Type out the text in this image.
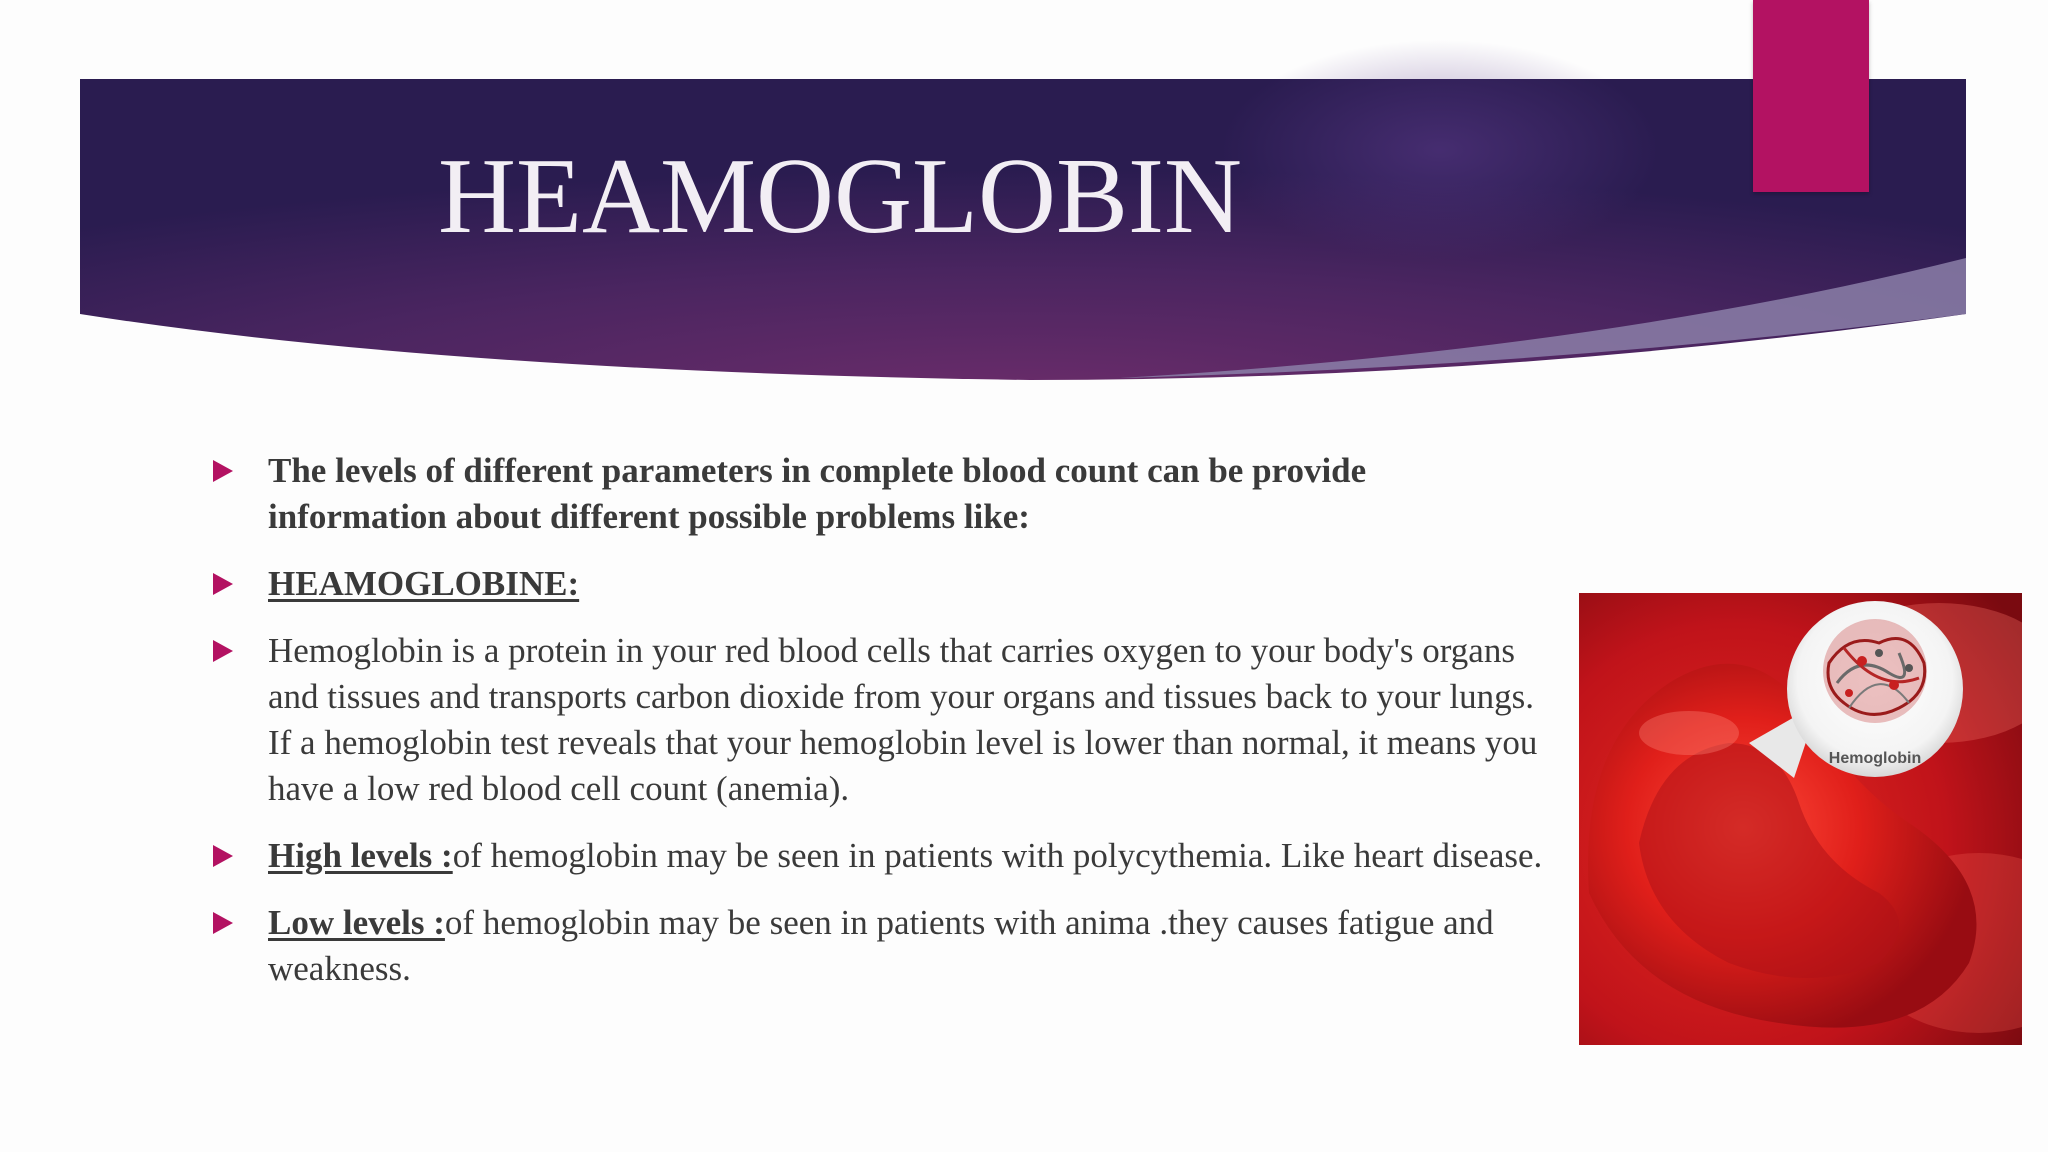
HEAMOGLOBIN
The levels of different parameters in complete blood count can be provide information about different possible problems like:
HEAMOGLOBINE:
Hemoglobin is a protein in your red blood cells that carries oxygen to your body's organs and tissues and transports carbon dioxide from your organs and tissues back to your lungs. If a hemoglobin test reveals that your hemoglobin level is lower than normal, it means you have a low red blood cell count (anemia).
High levels :of hemoglobin may be seen in patients with polycythemia. Like heart disease.
Low levels :of hemoglobin may be seen in patients with anima .they causes fatigue and weakness.
Hemoglobin
